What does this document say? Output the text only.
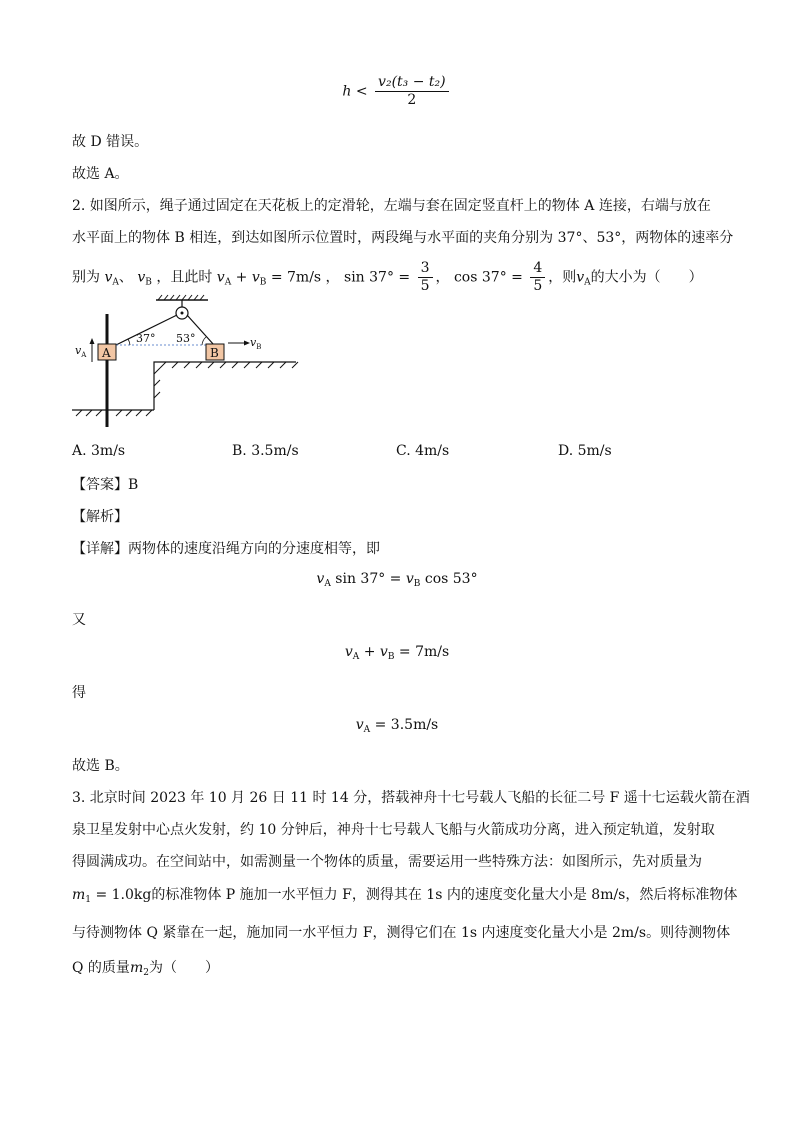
$h < \frac{\text{v₂(t₃ − t₂)}}{2}$
故 D 错误。
故选 A。
2. 如图所示，绳子通过固定在天花板上的定滑轮，左端与套在固定竖直杆上的物体 A 连接，右端与放在
水平面上的物体 B 相连，到达如图所示位置时，两段绳与水平面的夹角分别为 37°、53°，两物体的速率分
别为 $v_A$、 $v_B$ ，且此时 $v_A + v_B = 7m/s$ ， $\sin 37^\circ = \frac{3}{5}$ ， $\cos 37^\circ = \frac{4}{5}$ ，则$v_A$的大小为（　　）
37° 53°
A
$v_A$	B
$v_B$
A. 3m/s	B. 3.5m/s	C. 4m/s	D. 5m/s
【答案】B
【解析】
【详解】两物体的速度沿绳方向的分速度相等，即
$v_A$ $\sin 37^\circ = v_B$ cos 53°
又
$v_A + v_B = 7m/s$
得
$v_A = 3.5m/s$
故选 B。
3. 北京时间 2023 年 10 月 26 日 11 时 14 分，搭载神舟十七号载人飞船的长征二号 F 遥十七运载火箭在酒
泉卫星发射中心点火发射，约 10 分钟后，神舟十七号载人飞船与火箭成功分离，进入预定轨道，发射取
得圆满成功。在空间站中，如需测量一个物体的质量，需要运用一些特殊方法：如图所示，先对质量为
$m_1 = 1.0kg$的标准物体 P 施加一水平恒力 F，测得其在 1s 内的速度变化量大小是 8m/s，然后将标准物体
与待测物体 Q 紧靠在一起，施加同一水平恒力 F，测得它们在 1s 内速度变化量大小是 2m/s。则待测物体
Q 的质量$m_2$为（　　）
